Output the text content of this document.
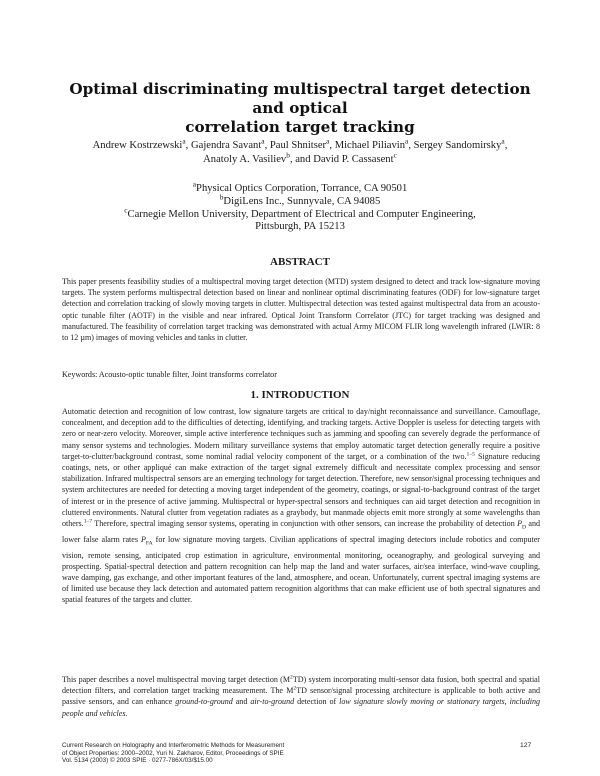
Optimal discriminating multispectral target detection and optical
correlation target tracking
Andrew Kostrzewski$^a$, Gajendra Savant$^a$, Paul Shnitser$^a$, Michael Piliavin$^a$, Sergey Sandomirsky$^a$,
Anatoly A. Vasiliev$^b$, and David P. Cassasent$^c$
$^a$Physical Optics Corporation, Torrance, CA 90501
$^b$DigiLens Inc., Sunnyvale, CA 94085
$^c$Carnegie Mellon University, Department of Electrical and Computer Engineering,
Pittsburgh, PA 15213
ABSTRACT
This paper presents feasibility studies of a multispectral moving target detection (MTD) system designed to detect and track low-signature moving targets. The system performs multispectral detection based on linear and nonlinear optimal discriminating features (ODF) for low-signature target detection and correlation tracking of slowly moving targets in clutter. Multispectral detection was tested against multispectral data from an acousto-optic tunable filter (AOTF) in the visible and near infrared. Optical Joint Transform Correlator (JTC) for target tracking was designed and manufactured. The feasibility of correlation target tracking was demonstrated with actual Army MICOM FLIR long wavelength infrared (LWIR: 8 to 12 µm) images of moving vehicles and tanks in clutter.
Keywords: Acousto-optic tunable filter, Joint transforms correlator
1. INTRODUCTION
Automatic detection and recognition of low contrast, low signature targets are critical to day/night reconnaissance and surveillance. Camouflage, concealment, and deception add to the difficulties of detecting, identifying, and tracking targets. Active Doppler is useless for detecting targets with zero or near-zero velocity. Moreover, simple active interference techniques such as jamming and spoofing can severely degrade the performance of many sensor systems and technologies. Modern military surveillance systems that employ automatic target detection generally require a positive target-to-clutter/background contrast, some nominal radial velocity component of the target, or a combination of the two.$^{1-5}$ Signature reducing coatings, nets, or other appliqué can make extraction of the target signal extremely difficult and necessitate complex processing and sensor stabilization. Infrared multispectral sensors are an emerging technology for target detection. Therefore, new sensor/signal processing techniques and system architectures are needed for detecting a moving target independent of the geometry, coatings, or signal-to-background contrast of the target of interest or in the presence of active jamming. Multispectral or hyper-spectral sensors and techniques can aid target detection and recognition in cluttered environments. Natural clutter from vegetation radiates as a graybody, but manmade objects emit more strongly at some wavelengths than others.$^{1-7}$ Therefore, spectral imaging sensor systems, operating in conjunction with other sensors, can increase the probability of detection $P_D$ and lower false alarm rates $P_{FA}$ for low signature moving targets. Civilian applications of spectral imaging detectors include robotics and computer vision, remote sensing, anticipated crop estimation in agriculture, environmental monitoring, oceanography, and geological surveying and prospecting. Spatial-spectral detection and pattern recognition can help map the land and water surfaces, air/sea interface, wind-wave coupling, wave damping, gas exchange, and other important features of the land, atmosphere, and ocean. Unfortunately, current spectral imaging systems are of limited use because they lack detection and automated pattern recognition algorithms that can make efficient use of both spectral signatures and spatial features of the targets and clutter.
This paper describes a novel multispectral moving target detection $(M^2TD)$ system incorporating multi-sensor data fusion, both spectral and spatial detection filters, and correlation target tracking measurement. The $M^2TD$ sensor/signal processing architecture is applicable to both active and passive sensors, and can enhance ground-to-ground and air-to-ground detection of low signature slowly moving or stationary targets, including people and vehicles.
Current Research on Holography and Interferometric Methods for Measurement
of Object Properties: 2000–2002, Yuri N. Zakharov, Editor, Proceedings of SPIE
Vol. 5134 (2003) © 2003 SPIE · 0277-786X/03/$15.00
127
